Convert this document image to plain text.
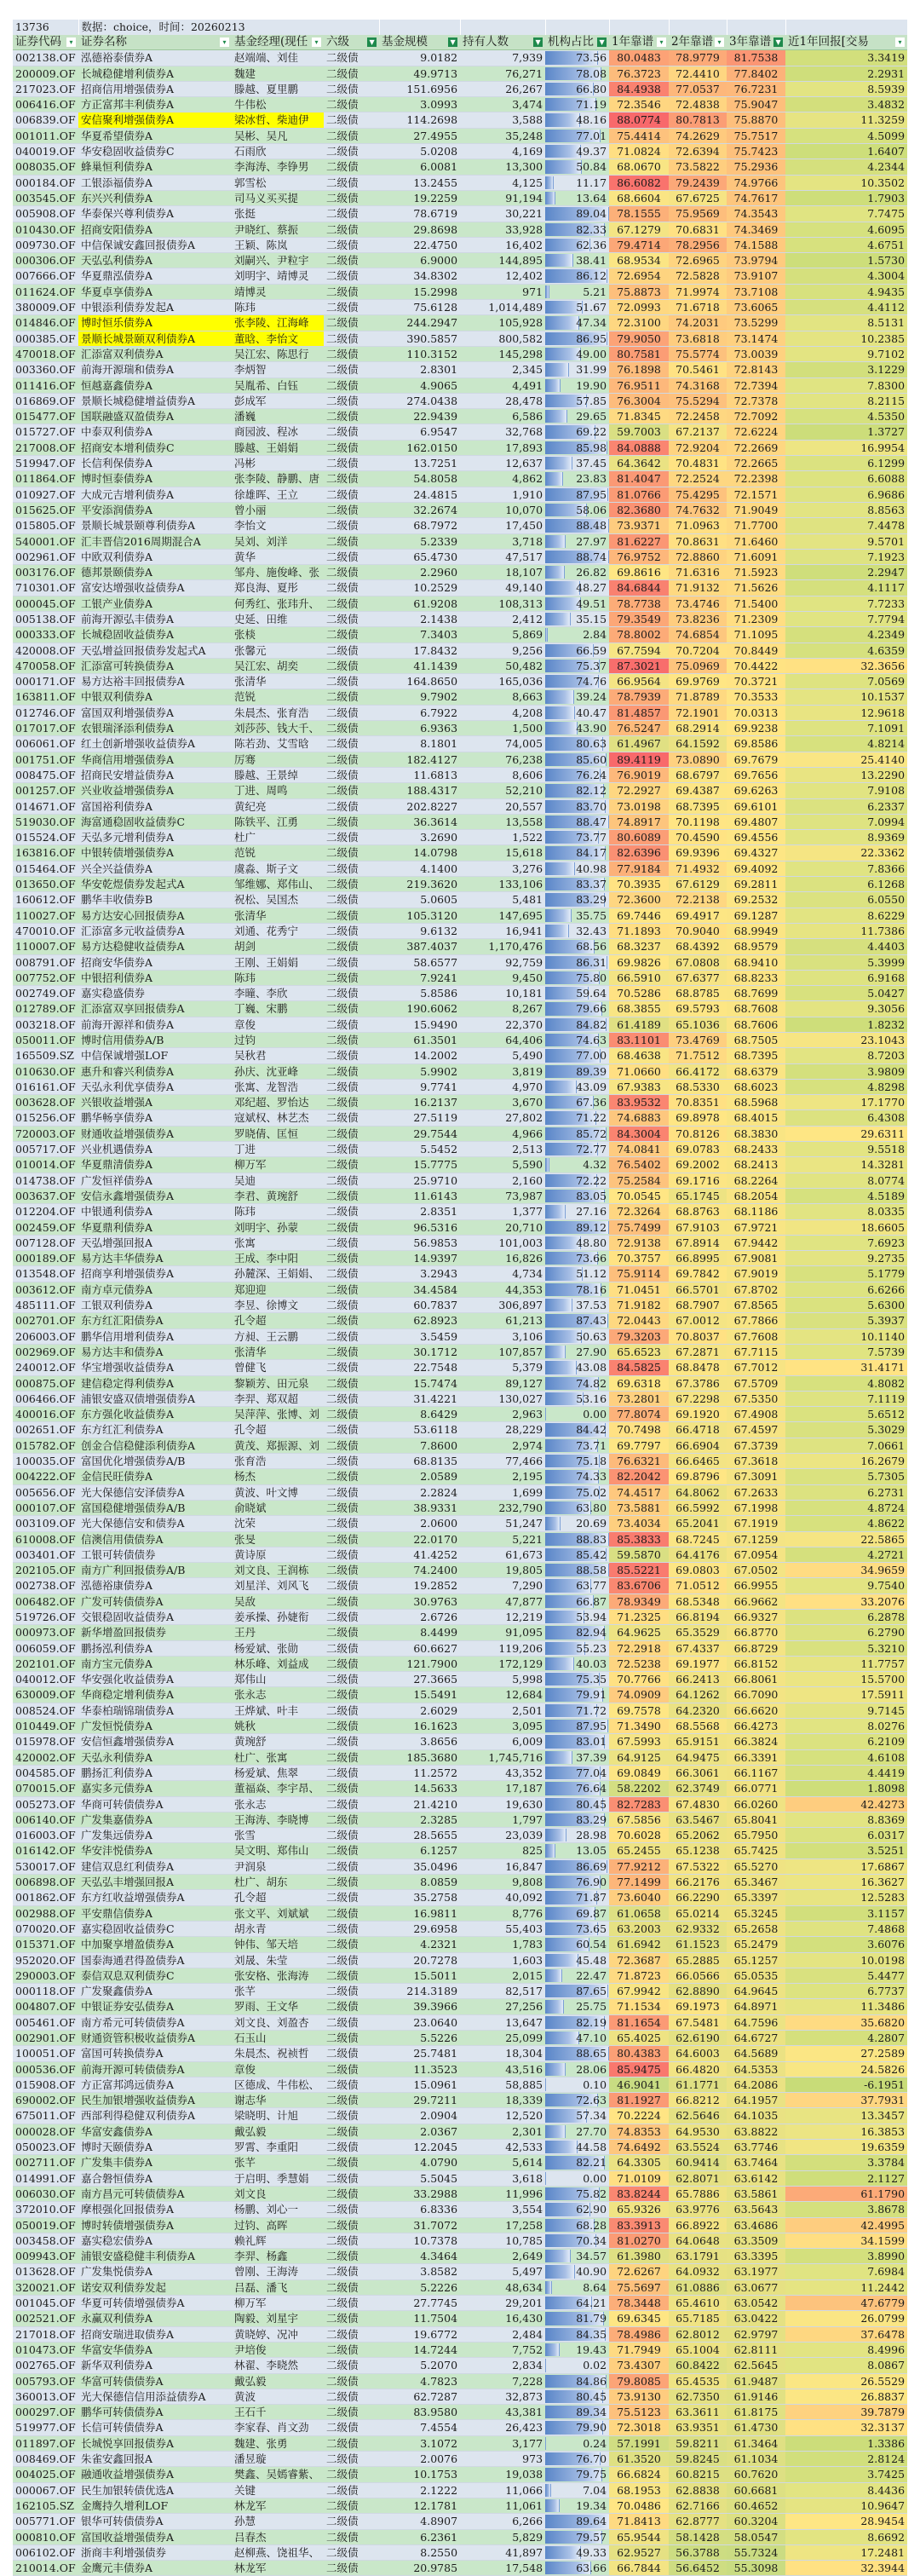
13736	数据：choice，时间：20260213									
证券代码 ▾	证券名称 ▾	基金经理(现任 ▾	六级 ▼	基金规模 ▼	持有人数 ▼	机构占比 ▼	1年靠谱 ▾	2年靠谱 ▾	3年靠谱 ▼	近1年回报[交易 ▾

002138.OF	泓德裕泰债券A	赵端端、刘佳	二级债	9.0182	7,939	73.56	80.0483	78.9779	81.7538	3.3419
200009.OF	长城稳健增利债券A	魏建	二级债	49.9713	76,271	78.08	76.3723	72.4410	77.8402	2.2931
217023.OF	招商信用增强债券A	滕越、夏里鹏	二级债	151.6956	26,267	66.80	84.4938	77.0537	76.7231	8.5939
006416.OF	方正富邦丰利债券A	牛伟松	二级债	3.0993	3,474	71.19	72.3546	72.4838	75.9047	3.4832
006839.OF	安信聚利增强债券A	梁冰哲、柴迪伊	二级债	114.2698	3,588	48.16	88.0774	80.7813	75.8870	11.3259
001011.OF	华夏希望债券A	吴彬、吴凡	二级债	27.4955	35,248	77.01	75.4414	74.2629	75.7517	4.5099
040019.OF	华安稳固收益债券C	石雨欣	二级债	5.0208	4,169	49.37	71.0824	72.6394	75.7423	1.6407
008035.OF	蜂巢恒利债券A	李海涛、李铮男	二级债	6.0081	13,300	50.84	68.0670	73.5822	75.2936	4.2344
000184.OF	工银添福债券A	郭雪松	二级债	13.2455	4,125	11.17	86.6082	79.2439	74.9766	10.3502
003545.OF	东兴兴利债券A	司马义买买提	二级债	19.2259	91,194	13.64	68.6604	67.6725	74.7617	1.7903
005908.OF	华泰保兴尊利债券A	张挺	二级债	78.6719	30,221	89.04	78.1555	75.9569	74.3543	7.7475
010430.OF	招商安阳债券A	尹晓红、蔡振	二级债	29.8698	33,928	82.33	67.1279	70.6831	74.3469	4.6095
009730.OF	中信保诚安鑫回报债券A	王颖、陈岚	二级债	22.4750	16,402	62.36	79.4714	78.2956	74.1588	4.6751
000306.OF	天弘弘利债券A	刘嗣兴、尹粒宇	二级债	6.9000	144,895	38.41	68.9534	72.6965	73.9794	1.5730
007666.OF	华夏鼎泓债券A	刘明宇、靖博灵	二级债	34.8302	12,402	86.12	72.6954	72.5828	73.9107	4.3004
011624.OF	华夏卓享债券A	靖博灵	二级债	15.2998	971	5.21	75.8873	71.9974	73.7108	4.9435
380009.OF	中银添利债券发起A	陈玮	二级债	75.6128	1,014,489	51.67	72.0993	71.6718	73.6065	4.4112
014846.OF	博时恒乐债券A	张李陵、江海峰	二级债	244.2947	105,928	47.34	72.3100	74.2031	73.5299	8.5131
000385.OF	景顺长城景颐双利债券A	董晗、李怡文	二级债	390.5857	800,582	86.95	79.9050	73.6818	73.1474	10.2385
470018.OF	汇添富双利债券A	吴江宏、陈思行	二级债	110.3152	145,298	49.00	80.7581	75.5774	73.0039	9.7102
003360.OF	前海开源瑞和债券A	李炳智	二级债	2.8301	2,345	31.99	76.1898	70.5461	72.8143	3.1229
011416.OF	恒越嘉鑫债券A	吴胤希、白钰	二级债	4.9065	4,491	19.90	76.9511	74.3168	72.7394	7.8300
016869.OF	景顺长城稳健增益债券A	彭成军	二级债	274.0438	28,478	57.85	76.3004	75.5294	72.7378	8.2115
015477.OF	国联融盛双盈债券A	潘巍	二级债	22.9439	6,586	29.65	71.8345	72.2458	72.7092	4.5350
015727.OF	中泰双利债券A	商园波、程冰	二级债	6.9547	32,768	69.22	59.7003	67.2137	72.6224	1.3727
217008.OF	招商安本增利债券C	滕越、王娟娟	二级债	162.0150	17,893	85.98	84.0888	72.9204	72.2669	16.9954
519947.OF	长信利保债券A	冯彬	二级债	13.7251	12,637	37.45	64.3642	70.4831	72.2665	6.1299
011864.OF	博时恒泰债券A	张李陵、静鹏、唐	二级债	54.8058	4,862	23.83	81.4047	72.2524	72.2398	6.6088
010927.OF	大成元吉增利债券A	徐雄晖、王立	二级债	24.4815	1,910	87.95	81.0766	75.4295	72.1571	6.9686
015625.OF	平安添润债券A	曾小丽	二级债	32.2674	10,070	58.06	82.3680	74.7632	71.9049	8.8563
015805.OF	景顺长城景颐尊利债券A	李怡文	二级债	68.7972	17,450	88.48	73.9371	71.0963	71.7700	7.4478
540001.OF	汇丰晋信2016周期混合A	吴刘、刘洋	二级债	5.2339	3,718	27.97	81.6227	70.8631	71.6460	9.5701
002961.OF	中欧双利债券A	黄华	二级债	65.4730	47,517	88.74	76.9752	72.8860	71.6091	7.1923
003176.OF	德邦景颐债券A	邹舟、施俊峰、张	二级债	2.2960	18,107	26.82	69.8616	71.6316	71.5923	2.2947
710301.OF	富安达增强收益债券A	郑良海、夏彤	二级债	10.2529	49,140	48.27	84.6844	71.9132	71.5626	4.1117
000045.OF	工银产业债券A	何秀红、张玮升、	二级债	61.9208	108,313	49.51	78.7738	73.4746	71.5400	7.7233
005138.OF	前海开源弘丰债券A	史延、田维	二级债	2.1438	2,412	35.15	79.3549	73.8236	71.2309	7.7794
000333.OF	长城稳固收益债券A	张棪	二级债	7.3403	5,869	2.84	78.8002	74.6854	71.1095	4.2349
420008.OF	天弘增益回报债券发起式A	张馨元	二级债	17.8432	9,256	66.59	67.7594	70.7204	70.8449	4.6359
470058.OF	汇添富可转换债券A	吴江宏、胡奕	二级债	41.1439	50,482	75.37	87.3021	75.0969	70.4422	32.3656
000171.OF	易方达裕丰回报债券A	张清华	二级债	164.8650	165,036	74.76	66.9564	69.9769	70.3721	7.0569
163811.OF	中银双利债券A	范锐	二级债	9.7902	8,663	39.24	78.7939	71.8789	70.3533	10.1537
012746.OF	富国双利增强债券A	朱晨杰、张育浩	二级债	6.7922	4,208	40.47	81.4857	72.1901	70.0313	12.9618
017017.OF	农银瑞泽添利债券A	刘莎莎、钱大千、	二级债	6.9363	1,500	43.90	76.5247	68.2914	69.9238	7.1091
006061.OF	红土创新增强收益债券A	陈若劲、艾雪晗	二级债	8.1801	74,005	80.63	61.4967	64.1592	69.8586	4.8214
001751.OF	华商信用增强债券A	厉骞	二级债	182.4127	76,238	85.60	89.4119	73.0890	69.7679	25.4140
008475.OF	招商民安增益债券A	滕越、王景绰	二级债	11.6813	8,606	76.24	76.9019	68.6797	69.7656	13.2290
001257.OF	兴业收益增强债券A	丁进、周鸣	二级债	188.4317	52,210	82.12	72.2927	69.4387	69.6263	7.9108
014671.OF	富国裕利债券A	黄纪亮	二级债	202.8227	20,557	83.70	73.0198	68.7395	69.6101	6.2337
519030.OF	海富通稳固收益债券C	陈铁平、江勇	二级债	36.3614	13,558	88.47	74.8917	70.1198	69.4807	7.0994
015524.OF	天弘多元增利债券A	杜广	二级债	3.2690	1,522	73.77	80.6089	70.4590	69.4556	8.9369
163816.OF	中银转债增强债券A	范锐	二级债	14.0798	15,618	84.17	82.6396	69.9396	69.4327	22.3362
015464.OF	兴全兴益债券A	虞淼、斯子文	二级债	4.1400	3,276	40.98	77.9184	71.4932	69.4092	7.8366
013650.OF	华安乾煜债券发起式A	邹维娜、郑伟山、	二级债	219.3620	133,106	83.37	70.3935	67.6129	69.2811	6.1268
160612.OF	鹏华丰收债券B	祝松、吴国杰	二级债	5.0605	5,481	83.29	72.3600	72.2138	69.2532	6.0550
110027.OF	易方达安心回报债券A	张清华	二级债	105.3120	147,695	35.75	69.7446	69.4917	69.1287	8.6229
470010.OF	汇添富多元收益债券A	刘通、花秀宁	二级债	9.6132	16,941	32.43	71.1893	70.9040	68.9949	11.7386
110007.OF	易方达稳健收益债券A	胡剑	二级债	387.4037	1,170,476	68.56	68.3237	68.4392	68.9579	4.4403
008791.OF	招商安华债券A	王刚、王娟娟	二级债	58.6577	92,759	86.31	69.9826	67.0808	68.9410	5.3999
007752.OF	中银招利债券A	陈玮	二级债	7.9241	9,450	75.80	66.5910	67.6377	68.8233	6.9168
002749.OF	嘉实稳盛债券	李曈、李欣	二级债	5.8586	10,181	59.64	70.5286	68.8785	68.7699	5.0427
012789.OF	汇添富双享回报债券A	丁巍、宋鹏	二级债	190.6062	8,267	79.66	68.3855	69.5793	68.7608	9.3056
003218.OF	前海开源祥和债券A	章俊	二级债	15.9490	22,370	84.82	61.4189	65.1036	68.7606	1.8232
050011.OF	博时信用债券A/B	过钧	二级债	61.3501	64,406	74.63	83.1101	73.4769	68.7505	23.1043
165509.SZ	中信保诚增强LOF	吴秋君	二级债	14.2002	5,490	77.00	68.4638	71.7512	68.7395	8.7203
010630.OF	惠升和睿兴利债券A	孙庆、沈亚峰	二级债	5.9902	3,819	89.39	71.0660	66.4172	68.6379	3.9809
016161.OF	天弘永利优享债券A	张寓、龙智浩	二级债	9.7741	4,970	43.09	67.9383	68.5330	68.6023	4.8298
003628.OF	兴银收益增强A	邓纪超、罗怡达	二级债	16.2137	3,670	67.36	83.9532	70.8351	68.5968	17.1770
015256.OF	鹏华畅享债券A	寇斌权、林艺杰	二级债	27.5119	27,802	71.22	74.6883	69.8978	68.4015	6.4308
720003.OF	财通收益增强债券A	罗晓倩、匡恒	二级债	29.7544	4,966	85.72	84.3004	70.8126	68.3830	29.6311
005717.OF	兴业机遇债券A	丁进	二级债	5.5452	2,513	72.77	74.0841	69.0783	68.2433	9.5518
010014.OF	华夏鼎清债券A	柳万军	二级债	15.7775	5,590	4.32	76.5402	69.2002	68.2413	14.3281
014738.OF	广发恒祥债券A	吴迪	二级债	25.9710	2,160	72.22	75.2584	69.1716	68.2264	8.0774
003637.OF	安信永鑫增强债券A	李君、黄琬舒	二级债	11.6143	73,987	83.05	70.0545	65.1745	68.2054	4.5189
012204.OF	中银通利债券A	陈玮	二级债	2.8351	1,377	27.16	72.3264	68.8763	68.1186	8.0335
002459.OF	华夏鼎利债券A	刘明宇、孙蒙	二级债	96.5316	20,710	89.12	75.7499	67.9103	67.9721	18.6605
007128.OF	天弘增强回报A	张寓	二级债	56.9853	101,003	48.80	72.9138	67.8914	67.9442	7.6923
000189.OF	易方达丰华债券A	王成、李中阳	二级债	14.9397	16,826	73.66	70.3757	66.8995	67.9081	9.2735
013548.OF	招商享利增强债券A	孙麓深、王娟娟、	二级债	3.2943	4,734	51.12	75.9114	69.7842	67.9019	5.1779
003612.OF	南方卓元债券A	郑迎迎	二级债	34.4584	44,353	78.16	71.0451	66.5701	67.8702	6.6266
485111.OF	工银双利债券A	李昱、徐博文	二级债	60.7837	306,897	37.53	71.9182	68.7907	67.8565	5.6300
002701.OF	东方红汇阳债券A	孔令超	二级债	62.8923	61,213	87.43	72.0443	67.0012	67.7866	5.3937
206003.OF	鹏华信用增利债券A	方昶、王云鹏	二级债	3.5459	3,106	50.63	79.3203	70.8037	67.7608	10.1140
002969.OF	易方达丰和债券A	张清华	二级债	30.1712	107,857	27.90	65.6523	67.2871	67.7115	7.5739
240012.OF	华宝增强收益债券A	曾健飞	二级债	22.7548	5,379	43.08	84.5825	68.8478	67.7012	31.4171
000875.OF	建信稳定得利债券A	黎颖芳、田元泉	二级债	15.7474	89,127	74.82	69.6318	67.3786	67.5709	4.8082
006466.OF	浦银安盛双债增强债券A	李羿、郑双超	二级债	31.4221	130,027	53.16	73.2801	67.2298	67.5350	7.1119
400016.OF	东方强化收益债券A	吴萍萍、张博、刘	二级债	8.6429	2,963	0.00	77.8074	69.1920	67.4908	5.6512
002651.OF	东方红汇利债券A	孔令超	二级债	53.6118	28,229	84.42	70.7498	66.4718	67.4597	5.3029
015782.OF	创金合信稳健添利债券A	黄茂、郑振源、刘	二级债	7.8600	2,974	73.71	69.7797	66.6904	67.3739	7.0661
100035.OF	富国优化增强债券A/B	张育浩	二级债	68.8135	77,466	75.18	76.6321	66.6465	67.3618	16.2679
004222.OF	金信民旺债券A	杨杰	二级债	2.0589	2,195	74.33	82.2042	69.8796	67.3091	5.7305
005656.OF	光大保德信安泽债券A	黄波、叶文博	二级债	2.2824	1,699	75.02	74.4517	64.8062	67.2633	6.2731
000107.OF	富国稳健增强债券A/B	俞晓斌	二级债	38.9331	232,790	63.80	73.5881	66.5992	67.1998	4.8724
003109.OF	光大保德信安和债券A	沈荣	二级债	2.0600	51,247	20.69	73.4034	65.2041	67.1919	4.8622
610008.OF	信澳信用债债券A	张旻	二级债	22.0170	5,221	88.83	85.3833	68.7245	67.1259	22.5865
003401.OF	工银可转债债券	黄诗原	二级债	41.4252	61,673	85.42	59.5870	64.4176	67.0954	4.2721
202105.OF	南方广利回报债券A/B	刘文良、王润栋	二级债	74.2400	19,805	88.58	85.5221	69.0803	67.0502	34.9659
002738.OF	泓德裕康债券A	刘星洋、刘风飞	二级债	19.2852	7,290	63.77	83.6706	71.0512	66.9955	9.7540
006482.OF	广发可转债债券A	吴敌	二级债	30.9763	47,877	66.87	78.9349	68.5348	66.9662	33.2076
519726.OF	交银稳固收益债券A	姜承操、孙婕衔	二级债	2.6726	12,219	53.94	71.2325	66.8194	66.9327	6.2878
000973.OF	新华增盈回报债券	王丹	二级债	8.4499	91,095	82.94	64.9625	65.3529	66.8770	6.2790
006059.OF	鹏扬泓利债券A	杨爱斌、张勋	二级债	60.6627	119,206	55.23	72.2918	67.4337	66.8729	5.3210
202101.OF	南方宝元债券A	林乐峰、刘益成	二级债	121.7900	172,129	40.03	72.5238	69.1977	66.8152	11.7757
040012.OF	华安强化收益债券A	郑伟山	二级债	27.3665	5,998	75.35	70.7766	66.2413	66.8061	15.5700
630009.OF	华商稳定增利债券A	张永志	二级债	15.5491	12,684	79.91	74.0909	64.1262	66.7090	17.5911
008524.OF	华泰柏瑞锦瑞债券A	王烨斌、叶丰	二级债	2.6029	2,501	71.72	69.7578	64.2320	66.6620	9.7145
010449.OF	广发恒悦债券A	姚秋	二级债	16.1623	3,095	87.95	71.3490	68.5568	66.4273	8.0276
015978.OF	安信恒鑫增强债券A	黄琬舒	二级债	3.8656	6,009	83.01	67.5993	65.9151	66.3824	6.2109
420002.OF	天弘永利债券A	杜广、张寓	二级债	185.3680	1,745,716	37.39	64.9125	64.9475	66.3391	4.6108
004585.OF	鹏扬汇利债券A	杨爱斌、焦翠	二级债	11.2572	43,352	77.04	69.0849	66.3061	66.1167	4.4419
070015.OF	嘉实多元债券A	董福焱、李宇昂、	二级债	14.5633	17,187	76.64	58.2202	62.3749	66.0771	1.8098
005273.OF	华商可转债债券A	张永志	二级债	21.4210	19,630	80.45	82.7283	67.4830	66.0260	42.4273
006140.OF	广发集嘉债券A	王海涛、李晓博	二级债	2.3285	1,797	83.29	67.5856	63.5467	65.8041	8.8369
016003.OF	广发集远债券A	张雪	二级债	28.5655	23,039	28.98	70.6028	65.2062	65.7950	6.0317
016142.OF	华安沣悦债券A	吴文明、郑伟山	二级债	6.1257	825	13.05	65.2455	65.1238	65.7425	3.5251
530017.OF	建信双息红利债券A	尹润泉	二级债	35.0496	16,847	86.69	77.9212	67.5322	65.5270	17.6867
006898.OF	天弘弘丰增强回报A	杜广、胡东	二级债	8.0859	9,808	76.90	77.1499	66.2176	65.3467	16.3627
001862.OF	东方红收益增强债券A	孔令超	二级债	35.2758	40,092	71.87	73.6040	66.2290	65.3397	12.5283
002988.OF	平安鼎信债券A	张文平、刘斌斌	二级债	16.9811	8,776	69.87	61.0658	65.0214	65.3245	3.1157
070020.OF	嘉实稳固收益债券C	胡永青	二级债	29.6958	55,403	73.65	63.2003	62.9332	65.2658	7.4868
015371.OF	中加聚享增盈债券A	钟伟、邹天培	二级债	4.2321	1,783	60.54	61.6942	61.1523	65.2479	3.6076
952020.OF	国泰海通君得盈债券A	刘晟、朱莹	二级债	20.7278	1,603	45.48	72.3687	65.2885	65.1257	10.0198
290003.OF	泰信双息双利债券C	张安格、张海涛	二级债	15.5011	2,015	22.47	71.8723	66.0566	65.0535	5.4477
000118.OF	广发聚鑫债券A	张芊	二级债	214.3189	82,517	87.65	67.9942	62.8890	64.9645	6.7737
004807.OF	中银证券安弘债券A	罗雨、王文华	二级债	39.3966	27,256	25.75	71.1534	69.1973	64.8971	11.3486
005461.OF	南方希元可转债债券A	刘文良、刘盈杏	二级债	23.0640	13,647	82.19	81.1654	67.5481	64.7596	35.6820
002901.OF	财通资管积极收益债券A	石玉山	二级债	5.5226	25,099	47.10	65.4025	62.6190	64.6727	4.2807
100051.OF	富国可转换债券A	朱晨杰、祝祯哲	二级债	25.7481	18,304	88.65	80.4383	64.6003	64.5689	27.2589
000536.OF	前海开源可转债债券A	章俊	二级债	11.3523	43,516	28.06	85.9475	66.4820	64.5353	24.5826
015908.OF	方正富邦鸿远债券A	区德成、牛伟松、	二级债	15.0961	58,885	0.10	46.9041	61.1771	64.2086	-6.1951
690002.OF	民生加银增强收益债券A	谢志华	二级债	29.7211	18,339	72.63	81.1927	66.8212	64.1957	37.7931
675011.OF	西部利得稳健双利债券A	梁晓明、计旭	二级债	2.0904	12,520	57.34	70.2224	62.5646	64.1035	13.3457
000028.OF	华富安鑫债券A	戴弘毅	二级债	2.0367	2,301	27.70	74.8353	64.9530	63.8822	16.3853
050023.OF	博时天颐债券A	罗霄、李重阳	二级债	12.2045	42,533	44.58	74.6492	63.5524	63.7746	19.6359
002711.OF	广发集丰债券A	张芊	二级债	4.0790	5,614	82.21	64.3305	60.9414	63.7464	3.3784
014991.OF	嘉合磐恒债券A	于启明、季慧娟	二级债	5.5045	3,618	0.00	71.0109	62.8071	63.6142	2.1127
006030.OF	南方昌元可转债债券A	刘文良	二级债	33.2988	11,996	75.82	83.8244	65.7886	63.5861	61.1790
372010.OF	摩根强化回报债券A	杨鹏、刘心一	二级债	6.8336	3,554	62.90	65.9326	63.9776	63.5643	3.8678
050019.OF	博时转债增强债券A	过钧、高晖	二级债	31.7072	17,258	68.28	83.3913	66.8922	63.4686	42.4995
003458.OF	嘉实稳宏债券A	赖礼辉	二级债	10.7378	10,785	70.34	81.0270	64.0648	63.3509	34.1599
009943.OF	浦银安盛稳健丰利债券A	李羿、杨鑫	二级债	4.3464	2,649	34.57	61.3980	63.1791	63.3395	3.8990
013628.OF	广发集悦债券A	曾刚、王海涛	二级债	3.8582	5,497	40.90	72.6267	64.0932	63.1977	7.6984
320021.OF	诺安双利债券发起	吕磊、潘飞	二级债	5.2226	48,634	8.64	75.5697	61.0886	63.0677	11.2442
001045.OF	华夏可转债增强债券A	柳万军	二级债	27.7745	29,201	64.21	78.3448	65.4610	63.0542	47.6779
002521.OF	永赢双利债券A	陶毅、刘星宇	二级债	11.7504	16,430	81.79	69.6345	65.7185	63.0422	26.0799
217018.OF	招商安瑞进取债券A	黄晓婷、况冲	二级债	19.6772	2,484	84.35	78.4986	62.8012	62.9797	37.6478
010473.OF	华富安华债券A	尹培俊	二级债	14.7244	7,752	19.43	71.7949	65.1004	62.8111	8.4996
002765.OF	新华双利债券A	林翟、李晓然	二级债	5.2070	2,834	0.02	73.4307	60.8422	62.5645	8.0867
005793.OF	华富可转债债券A	戴弘毅	二级债	4.7823	7,228	84.86	79.8085	65.4535	61.9487	26.5529
360013.OF	光大保德信信用添益债券A	黄波	二级债	62.7287	32,873	80.45	73.9130	62.7350	61.9146	26.8837
000297.OF	鹏华可转债债券A	王石千	二级债	83.9580	43,381	89.34	75.5123	63.3611	61.8175	39.7879
519977.OF	长信可转债债券A	李家春、肖文劲	二级债	7.4554	26,423	79.90	72.3018	63.9351	61.4730	32.3137
011897.OF	长城悦享回报债券A	魏建、张勇	二级债	3.1072	3,177	0.24	57.1991	59.8211	61.3464	1.3386
008469.OF	朱雀安鑫回报A	潘昱璇	二级债	2.0076	973	76.70	61.3520	59.8245	61.1034	2.8124
004025.OF	融通收益增强债券A	樊鑫、吴嫣睿紫、	二级债	10.1753	19,038	79.75	66.6824	60.8215	60.7620	3.7425
000067.OF	民生加银转债优选A	关键	二级债	2.1222	11,066	7.04	68.1953	62.8838	60.6681	8.4436
162105.SZ	金鹰持久增利LOF	林龙军	二级债	12.1781	11,061	19.34	70.0486	62.7166	60.4652	10.9647
005771.OF	银华可转债债券A	孙慧	二级债	4.8907	6,266	89.64	71.8413	62.8777	60.3204	28.9454
000810.OF	富国收益增强债券A	吕春杰	二级债	6.2361	5,829	79.57	65.9544	58.1428	58.0547	8.6692
006102.OF	浙商丰利增强债券	赵柳燕、饶祖华、	二级债	8.2550	41,897	49.33	62.9527	56.3788	55.7324	17.2481
210014.OF	金鹰元丰债券A	林龙军	二级债	20.9785	17,548	63.66	66.7844	56.6452	55.3098	32.3944
